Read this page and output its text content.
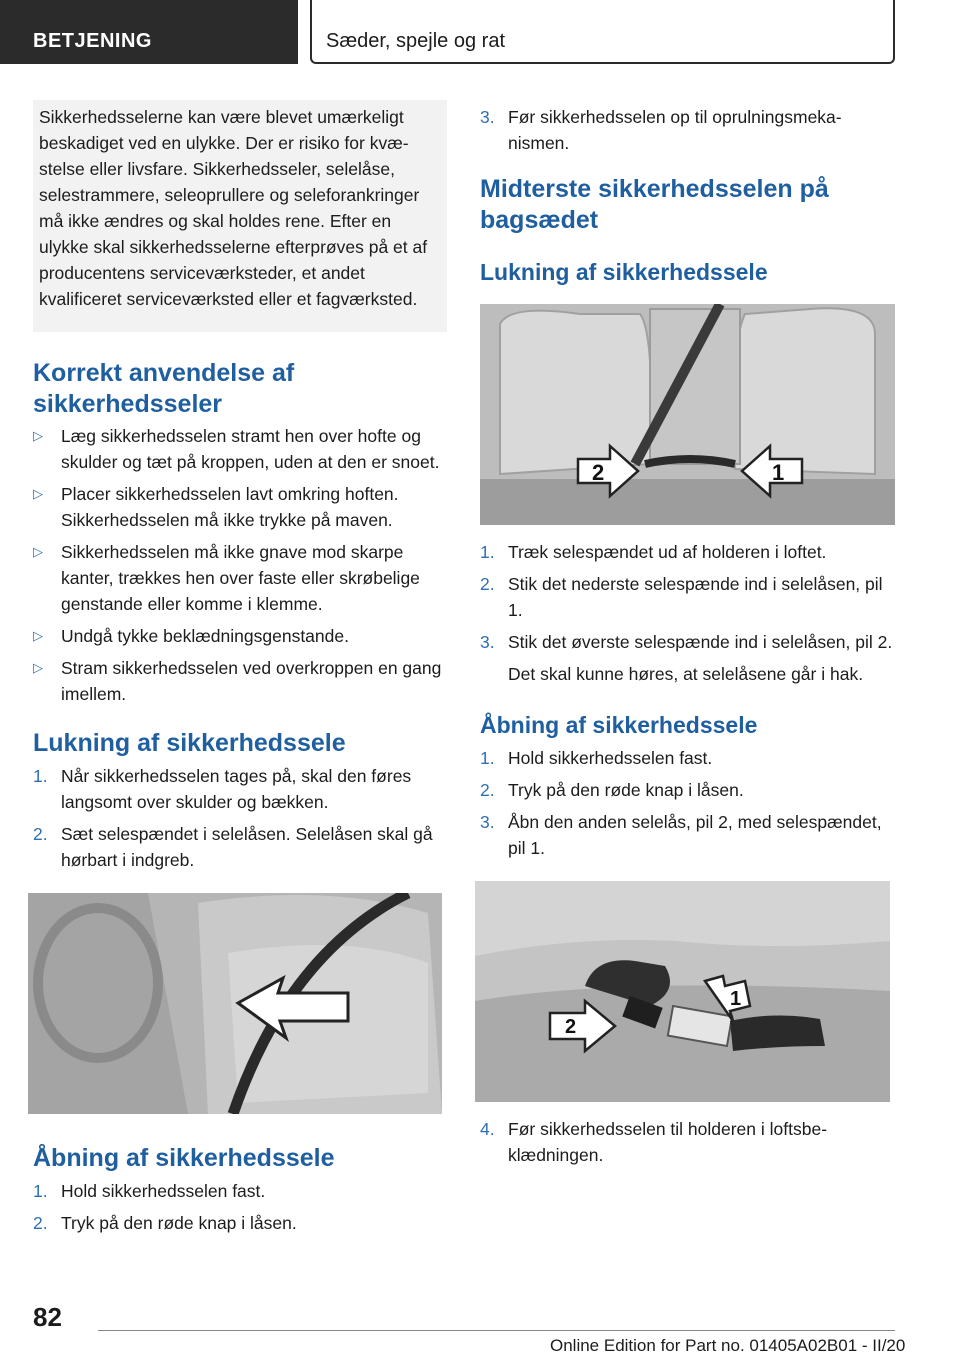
BETJENING	Sæder, spejle og rat

Sikkerhedsselerne kan være blevet umærkeligt beskadiget ved en ulykke. Der er risiko for kvæstelse eller livsfare. Sikkerhedsseler, selelåse, selestrammere, seleoprullere og seleforankringer må ikke ændres og skal holdes rene. Efter en ulykke skal sikkerhedsselerne efterprøves på et af producentens serviceværksteder, et andet kvalificeret serviceværksted eller et fagværksted.

Korrekt anvendelse af sikkerhedsseler
▷ Læg sikkerhedsselen stramt hen over hofte og skulder og tæt på kroppen, uden at den er snoet.
▷ Placer sikkerhedsselen lavt omkring hoften. Sikkerhedsselen må ikke trykke på maven.
▷ Sikkerhedsselen må ikke gnave mod skarpe kanter, trækkes hen over faste eller skrøbelige genstande eller komme i klemme.
▷ Undgå tykke beklædningsgenstande.
▷ Stram sikkerhedsselen ved overkroppen en gang imellem.
Lukning af sikkerhedssele
1. Når sikkerhedsselen tages på, skal den føres langsomt over skulder og bækken.
2. Sæt selespændet i selelåsen. Selelåsen skal gå hørbart i indgreb.
Åbning af sikkerhedssele
1. Hold sikkerhedsselen fast.
2. Tryk på den røde knap i låsen.
3. Før sikkerhedsselen op til oprulningsmekanismen.
Midterste sikkerhedsselen på bagsædet
Lukning af sikkerhedssele
2	1
1. Træk selespændet ud af holderen i loftet.
2. Stik det nederste selespænde ind i selelåsen, pil 1.
3. Stik det øverste selespænde ind i selelåsen, pil 2.

Det skal kunne høres, at selelåsene går i hak.

Åbning af sikkerhedssele
1. Hold sikkerhedsselen fast.
2. Tryk på den røde knap i låsen.
3. Åbn den anden selelås, pil 2, med selespændet, pil 1.
2
1
4. Før sikkerhedsselen til holderen i loftsbeklædningen.
82
Online Edition for Part no. 01405A02B01 - II/20
